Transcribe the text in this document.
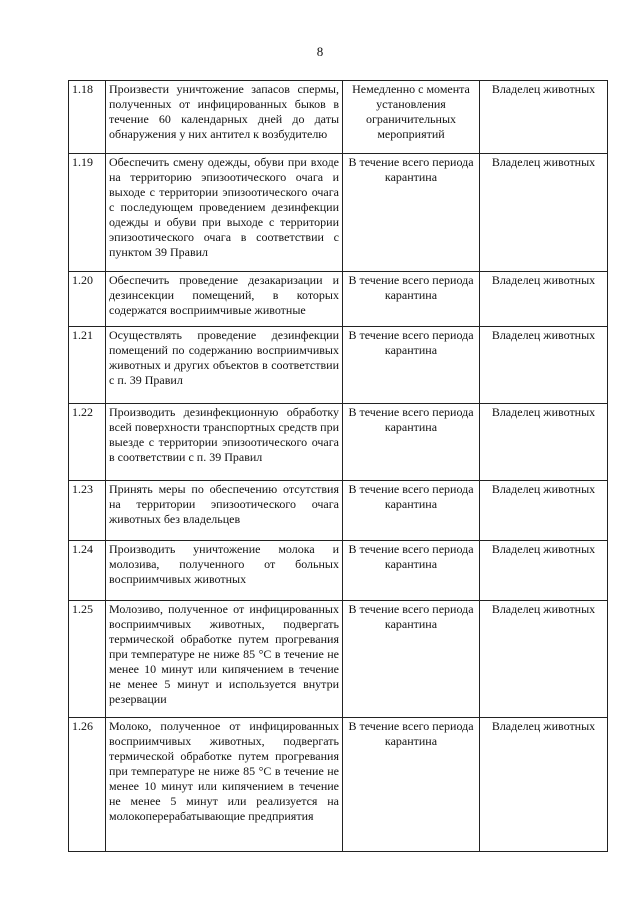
8
1.18	Произвести уничтожение запасов спермы, полученных от инфицированных быков в течение 60 календарных дней до даты обнаружения у них антител к возбудителю	Немедленно с момента установления ограничительных мероприятий	Владелец животных
1.19	Обеспечить смену одежды, обуви при входе на территорию эпизоотического очага и выходе с территории эпизоотического очага с последующем проведением дезинфекции одежды и обуви при выходе с территории эпизоотического очага в соответствии с пунктом 39 Правил	В течение всего периода карантина	Владелец животных
1.20	Обеспечить проведение дезакаризации и дезинсекции помещений, в которых содержатся восприимчивые животные	В течение всего периода карантина	Владелец животных
1.21	Осуществлять проведение дезинфекции помещений по содержанию восприимчивых животных и других объектов в соответствии с п. 39 Правил	В течение всего периода карантина	Владелец животных
1.22	Производить дезинфекционную обработку всей поверхности транспортных средств при выезде с территории эпизоотического очага в соответствии с п. 39 Правил	В течение всего периода карантина	Владелец животных
1.23	Принять меры по обеспечению отсутствия на территории эпизоотического очага животных без владельцев	В течение всего периода карантина	Владелец животных
1.24	Производить уничтожение молока и молозива, полученного от больных восприимчивых животных	В течение всего периода карантина	Владелец животных
1.25	Молозиво, полученное от инфицированных восприимчивых животных, подвергать термической обработке путем прогревания при температуре не ниже 85 °С в течение не менее 10 минут или кипячением в течение не менее 5 минут и используется внутри резервации	В течение всего периода карантина	Владелец животных
1.26	Молоко, полученное от инфицированных восприимчивых животных, подвергать термической обработке путем прогревания при температуре не ниже 85 °С в течение не менее 10 минут или кипячением в течение не менее 5 минут или реализуется на молокоперерабатывающие предприятия	В течение всего периода карантина	Владелец животных
